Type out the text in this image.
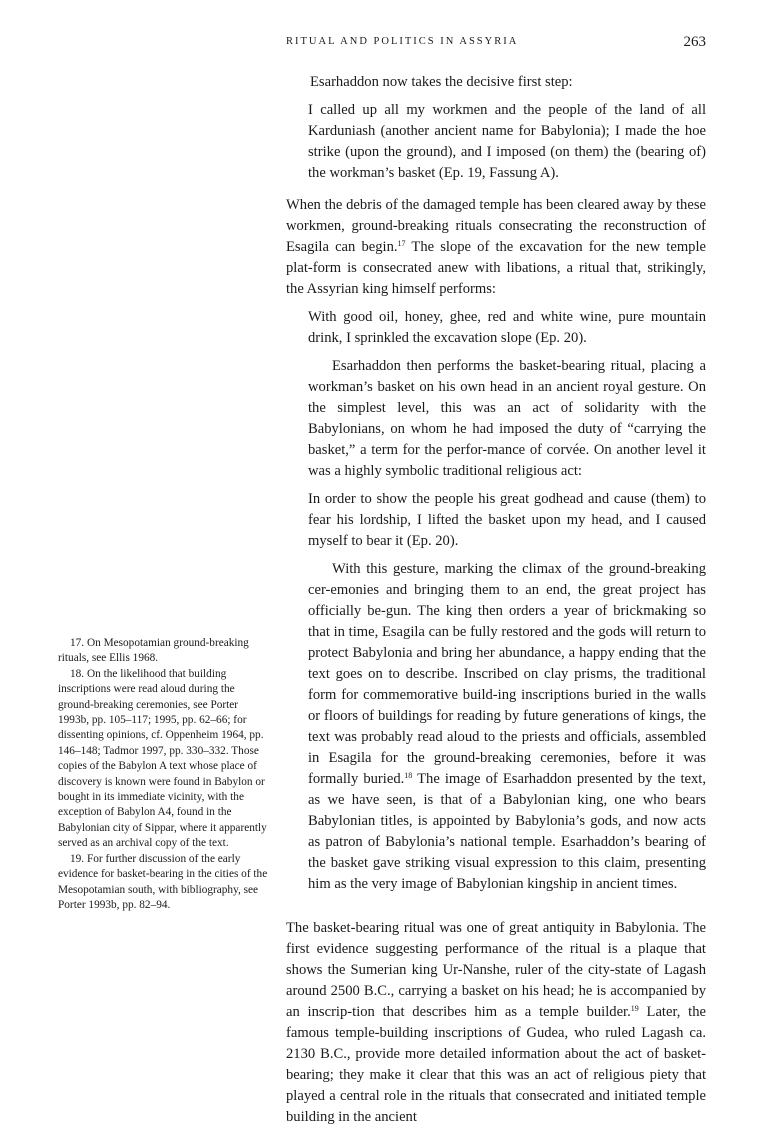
RITUAL AND POLITICS IN ASSYRIA	263

Esarhaddon now takes the decisive first step:

I called up all my workmen and the people of the land of all Karduniash (another ancient name for Babylonia); I made the hoe strike (upon the ground), and I imposed (on them) the (bearing of) the workman’s basket (Ep. 19, Fassung A).

When the debris of the damaged temple has been cleared away by these workmen, ground-breaking rituals consecrating the reconstruction of Esagila can begin.$^{17}$ The slope of the excavation for the new temple plat-form is consecrated anew with libations, a ritual that, strikingly, the Assyrian king himself performs:

With good oil, honey, ghee, red and white wine, pure mountain drink, I sprinkled the excavation slope (Ep. 20).

Esarhaddon then performs the basket-bearing ritual, placing a workman’s basket on his own head in an ancient royal gesture. On the simplest level, this was an act of solidarity with the Babylonians, on whom he had imposed the duty of “carrying the basket,” a term for the perfor-mance of corvée. On another level it was a highly symbolic traditional religious act:

In order to show the people his great godhead and cause (them) to fear his lordship, I lifted the basket upon my head, and I caused myself to bear it (Ep. 20).

With this gesture, marking the climax of the ground-breaking cer-emonies and bringing them to an end, the great project has officially be-gun. The king then orders a year of brickmaking so that in time, Esagila can be fully restored and the gods will return to protect Babylonia and bring her abundance, a happy ending that the text goes on to describe. Inscribed on clay prisms, the traditional form for commemorative build-ing inscriptions buried in the walls or floors of buildings for reading by future generations of kings, the text was probably read aloud to the priests and officials, assembled in Esagila for the ground-breaking ceremonies, before it was formally buried.$^{18}$ The image of Esarhaddon presented by the text, as we have seen, is that of a Babylonian king, one who bears Babylonian titles, is appointed by Babylonia’s gods, and now acts as patron of Babylonia’s national temple. Esarhaddon’s bearing of the basket gave striking visual expression to this claim, presenting him as the very image of Babylonian kingship in ancient times.

The basket-bearing ritual was one of great antiquity in Babylonia. The first evidence suggesting performance of the ritual is a plaque that shows the Sumerian king Ur-Nanshe, ruler of the city-state of Lagash around 2500 B.C., carrying a basket on his head; he is accompanied by an inscrip-tion that describes him as a temple builder.$^{19}$ Later, the famous temple-building inscriptions of Gudea, who ruled Lagash ca. 2130 B.C., provide more detailed information about the act of basket-bearing; they make it clear that this was an act of religious piety that played a central role in the rituals that consecrated and initiated temple building in the ancient

17. On Mesopotamian ground-breaking rituals, see Ellis 1968.

18. On the likelihood that building inscriptions were read aloud during the ground-breaking ceremonies, see Porter 1993b, pp. 105–117; 1995, pp. 62–66; for dissenting opinions, cf. Oppenheim 1964, pp. 146–148; Tadmor 1997, pp. 330–332. Those copies of the Babylon A text whose place of discovery is known were found in Babylon or bought in its immediate vicinity, with the exception of Babylon A4, found in the Babylonian city of Sippar, where it apparently served as an archival copy of the text.

19. For further discussion of the early evidence for basket-bearing in the cities of the Mesopotamian south, with bibliography, see Porter 1993b, pp. 82–94.
